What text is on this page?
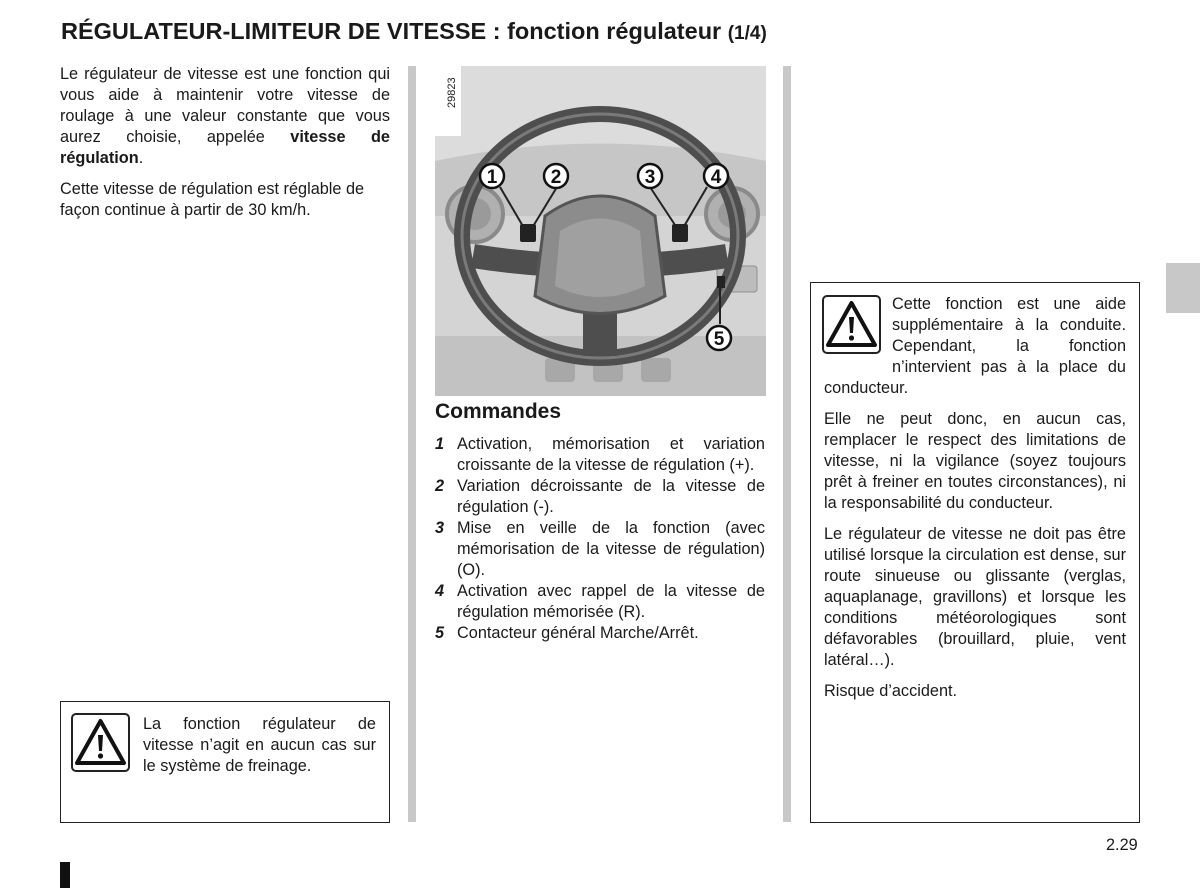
RÉGULATEUR-LIMITEUR DE VITESSE : fonction régulateur (1/4)

Le régulateur de vitesse est une fonction qui vous aide à maintenir votre vitesse de roulage à une valeur constante que vous aurez choisie, appelée vitesse de régulation.

Cette vitesse de régulation est réglable de façon continue à partir de 30 km/h.

29823
1	2	3	4
5
Commandes
1 Activation, mémorisation et variation croissante de la vitesse de régulation (+).
2 Variation décroissante de la vitesse de régulation (-).
3 Mise en veille de la fonction (avec mémorisation de la vitesse de régulation) (O).
4 Activation avec rappel de la vitesse de régulation mémorisée (R).
5 Contacteur général Marche/Arrêt.

La fonction régulateur de vitesse n’agit en aucun cas sur le système de freinage.

Cette fonction est une aide supplémentaire à la conduite. Cependant, la fonction n’intervient pas à la place du conducteur.

Elle ne peut donc, en aucun cas, remplacer le respect des limitations de vitesse, ni la vigilance (soyez toujours prêt à freiner en toutes circonstances), ni la responsabilité du conducteur.

Le régulateur de vitesse ne doit pas être utilisé lorsque la circulation est dense, sur route sinueuse ou glissante (verglas, aquaplanage, gravillons) et lorsque les conditions météorologiques sont défavorables (brouillard, pluie, vent latéral…).

Risque d’accident.

2.29
